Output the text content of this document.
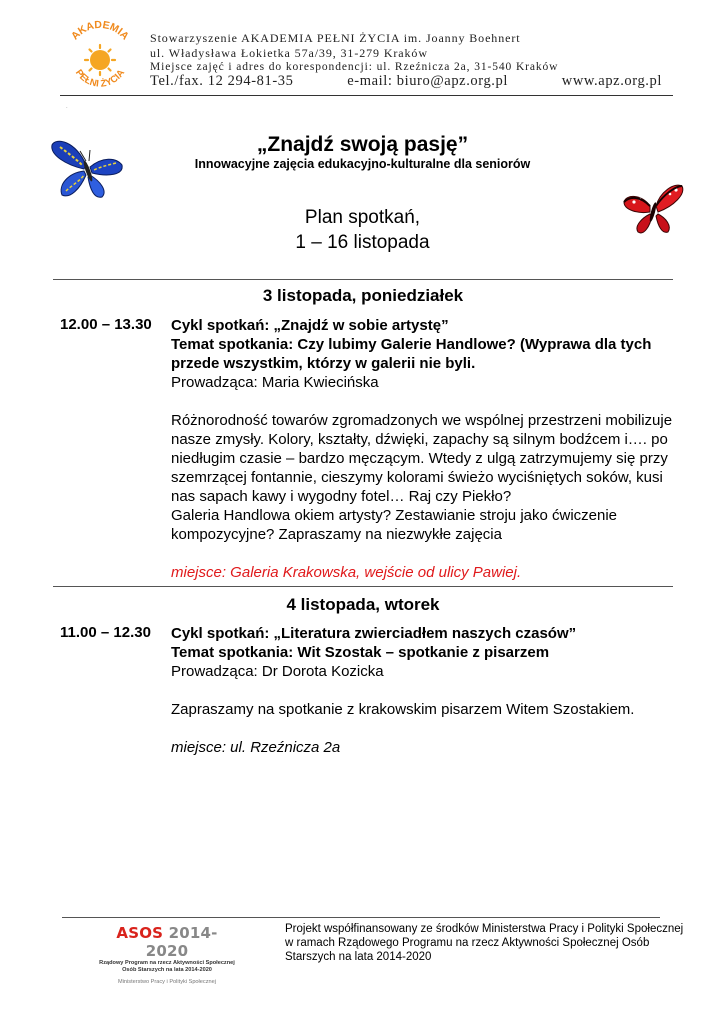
AKADEMIA
PEŁNI ŻYCIA
Stowarzyszenie AKADEMIA PEŁNI ŻYCIA im. Joanny Boehnert
ul. Władysława Łokietka 57a/39, 31-279 Kraków
Miejsce zajęć i adres do korespondencji: ul. Rzeźnicza 2a, 31-540 Kraków
Tel./fax. 12 294-81-35	e-mail: biuro@apz.org.pl	www.apz.org.pl
.
„Znajdź swoją pasję”
Innowacyjne zajęcia edukacyjno-kulturalne dla seniorów
Plan spotkań,
1 – 16 listopada
3 listopada, poniedziałek
12.00 – 13.30 Cykl spotkań: „Znajdź w sobie artystę”

Temat spotkania: Czy lubimy Galerie Handlowe? (Wyprawa dla tych przede wszystkim, którzy w galerii nie byli.

Prowadząca: Maria Kwiecińska

Różnorodność towarów zgromadzonych we wspólnej przestrzeni mobilizuje nasze zmysły. Kolory, kształty, dźwięki, zapachy są silnym bodźcem i…. po niedługim czasie – bardzo męczącym. Wtedy z ulgą zatrzymujemy się przy szemrzącej fontannie, cieszymy kolorami świeżo wyciśniętych soków, kusi nas sapach kawy i wygodny fotel… Raj czy Piekło?

Galeria Handlowa okiem artysty? Zestawianie stroju jako ćwiczenie kompozycyjne? Zapraszamy na niezwykłe zajęcia

miejsce: Galeria Krakowska, wejście od ulicy Pawiej.

4 listopada, wtorek
11.00 – 12.30 Cykl spotkań: „Literatura zwierciadłem naszych czasów”

Temat spotkania: Wit Szostak – spotkanie z pisarzem

Prowadząca: Dr Dorota Kozicka

Zapraszamy na spotkanie z krakowskim pisarzem Witem Szostakiem.

miejsce: ul. Rzeźnicza 2a

ASOS 2014-2020
Rządowy Program na rzecz Aktywności Społecznej
Osób Starszych na lata 2014-2020
Ministerstwo Pracy i Polityki Społecznej
Projekt współfinansowany ze środków Ministerstwa Pracy i Polityki Społecznej w ramach Rządowego Programu na rzecz Aktywności Społecznej Osób Starszych na lata 2014-2020
